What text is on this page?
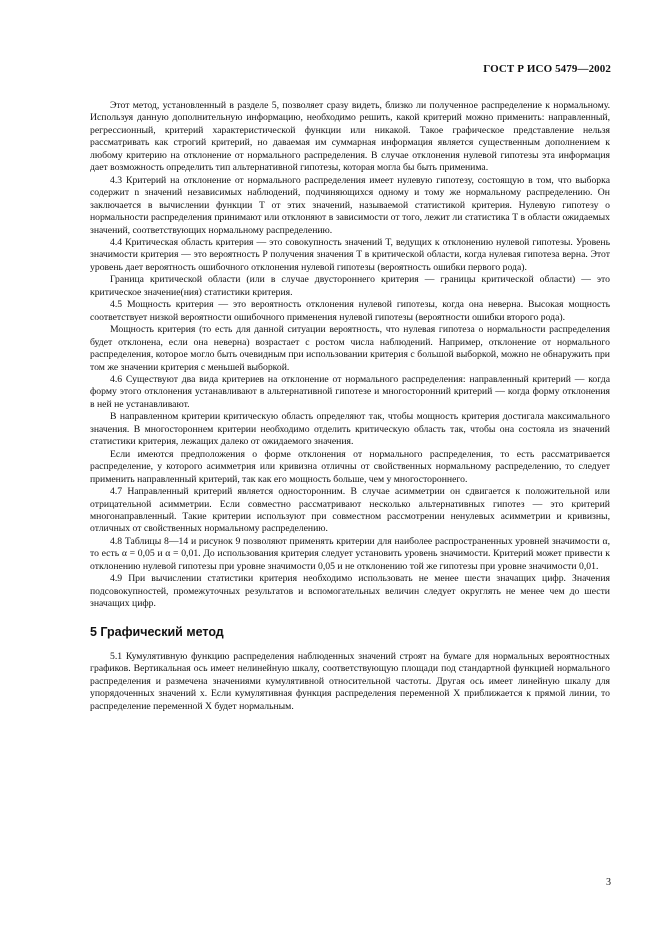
ГОСТ Р ИСО 5479—2002

Этот метод, установленный в разделе 5, позволяет сразу видеть, близко ли полученное распределение к нормальному. Используя данную дополнительную информацию, необходимо решить, какой критерий можно применить: направленный, регрессионный, критерий характеристической функции или никакой. Такое графическое представление нельзя рассматривать как строгий критерий, но даваемая им суммарная информация является существенным дополнением к любому критерию на отклонение от нормального распределения. В случае отклонения нулевой гипотезы эта информация дает возможность определить тип альтернативной гипотезы, которая могла бы быть применима.

4.3 Критерий на отклонение от нормального распределения имеет нулевую гипотезу, состоящую в том, что выборка содержит n значений независимых наблюдений, подчиняющихся одному и тому же нормальному распределению. Он заключается в вычислении функции T от этих значений, называемой статистикой критерия. Нулевую гипотезу о нормальности распределения принимают или отклоняют в зависимости от того, лежит ли статистика T в области ожидаемых значений, соответствующих нормальному распределению.

4.4 Критическая область критерия — это совокупность значений T, ведущих к отклонению нулевой гипотезы. Уровень значимости критерия — это вероятность P получения значения T в критической области, когда нулевая гипотеза верна. Этот уровень дает вероятность ошибочного отклонения нулевой гипотезы (вероятность ошибки первого рода).

Граница критической области (или в случае двустороннего критерия — границы критической области) — это критическое значение(ния) статистики критерия.

4.5 Мощность критерия — это вероятность отклонения нулевой гипотезы, когда она неверна. Высокая мощность соответствует низкой вероятности ошибочного применения нулевой гипотезы (вероятности ошибки второго рода).

Мощность критерия (то есть для данной ситуации вероятность, что нулевая гипотеза о нормальности распределения будет отклонена, если она неверна) возрастает с ростом числа наблюдений. Например, отклонение от нормального распределения, которое могло быть очевидным при использовании критерия с большой выборкой, можно не обнаружить при том же значении критерия с меньшей выборкой.

4.6 Существуют два вида критериев на отклонение от нормального распределения: направленный критерий — когда форму этого отклонения устанавливают в альтернативной гипотезе и многосторонний критерий — когда форму отклонения в ней не устанавливают.

В направленном критерии критическую область определяют так, чтобы мощность критерия достигала максимального значения. В многостороннем критерии необходимо отделить критическую область так, чтобы она состояла из значений статистики критерия, лежащих далеко от ожидаемого значения.

Если имеются предположения о форме отклонения от нормального распределения, то есть рассматривается распределение, у которого асимметрия или кривизна отличны от свойственных нормальному распределению, то следует применить направленный критерий, так как его мощность больше, чем у многостороннего.

4.7 Направленный критерий является односторонним. В случае асимметрии он сдвигается к положительной или отрицательной асимметрии. Если совместно рассматривают несколько альтернативных гипотез — это критерий многонаправленный. Такие критерии используют при совместном рассмотрении ненулевых асимметрии и кривизны, отличных от свойственных нормальному распределению.

4.8 Таблицы 8—14 и рисунок 9 позволяют применять критерии для наиболее распространенных уровней значимости α, то есть α = 0,05 и α = 0,01. До использования критерия следует установить уровень значимости. Критерий может привести к отклонению нулевой гипотезы при уровне значимости 0,05 и не отклонению той же гипотезы при уровне значимости 0,01.

4.9 При вычислении статистики критерия необходимо использовать не менее шести значащих цифр. Значения подсовокупностей, промежуточных результатов и вспомогательных величин следует округлять не менее чем до шести значащих цифр.

5 Графический метод

5.1 Кумулятивную функцию распределения наблюденных значений строят на бумаге для нормальных вероятностных графиков. Вертикальная ось имеет нелинейную шкалу, соответствующую площади под стандартной функцией нормального распределения и размечена значениями кумулятивной относительной частоты. Другая ось имеет линейную шкалу для упорядоченных значений x. Если кумулятивная функция распределения переменной X приближается к прямой линии, то распределение переменной X будет нормальным.

3
